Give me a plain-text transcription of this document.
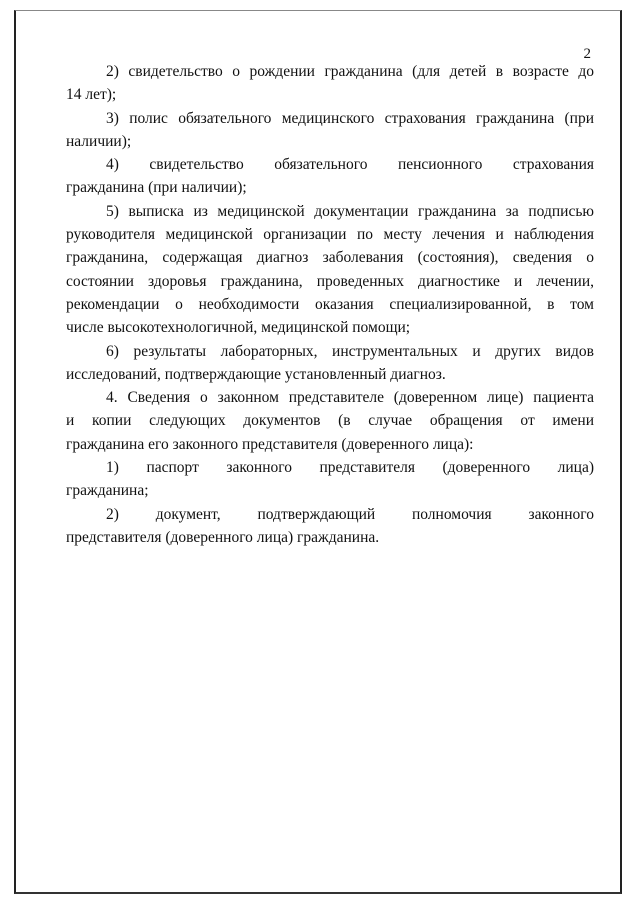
2
2) свидетельство о рождении гражданина (для детей в возрасте до
14 лет);
3) полис обязательного медицинского страхования гражданина (при
наличии);
4) свидетельство обязательного пенсионного страхования
гражданина (при наличии);
5) выписка из медицинской документации гражданина за подписью
руководителя медицинской организации по месту лечения и наблюдения
гражданина, содержащая диагноз заболевания (состояния), сведения о
состоянии здоровья гражданина, проведенных диагностике и лечении,
рекомендации о необходимости оказания специализированной, в том
числе высокотехнологичной, медицинской помощи;
6) результаты лабораторных, инструментальных и других видов
исследований, подтверждающие установленный диагноз.
4. Сведения о законном представителе (доверенном лице) пациента
и копии следующих документов (в случае обращения от имени
гражданина его законного представителя (доверенного лица):
1) паспорт законного представителя (доверенного лица)
гражданина;
2) документ, подтверждающий полномочия законного
представителя (доверенного лица) гражданина.
